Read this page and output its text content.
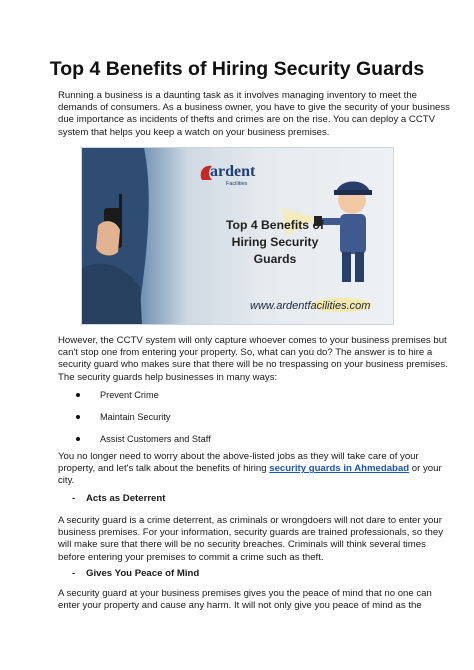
Top 4 Benefits of Hiring Security Guards
Running a business is a daunting task as it involves managing inventory to meet the
demands of consumers. As a business owner, you have to give the security of your business
due importance as incidents of thefts and crimes are on the rise. You can deploy a CCTV
system that helps you keep a watch on your business premises.
ardent
Facilities
Top 4 Benefits of Hiring Security Guards
www.ardentfacilities.com
However, the CCTV system will only capture whoever comes to your business premises but
can't stop one from entering your property. So, what can you do? The answer is to hire a
security guard who makes sure that there will be no trespassing on your business premises.
The security guards help businesses in many ways:
Prevent Crime
Maintain Security
Assist Customers and Staff
You no longer need to worry about the above-listed jobs as they will take care of your
property, and let's talk about the benefits of hiring security guards in Ahmedabad or your
city.
-	Acts as Deterrent
A security guard is a crime deterrent, as criminals or wrongdoers will not dare to enter your
business premises. For your information, security guards are trained professionals, so they
will make sure that there will be no security breaches. Criminals will think several times
before entering your premises to commit a crime such as theft.
-	Gives You Peace of Mind
A security guard at your business premises gives you the peace of mind that no one can
enter your property and cause any harm. It will not only give you peace of mind as the
